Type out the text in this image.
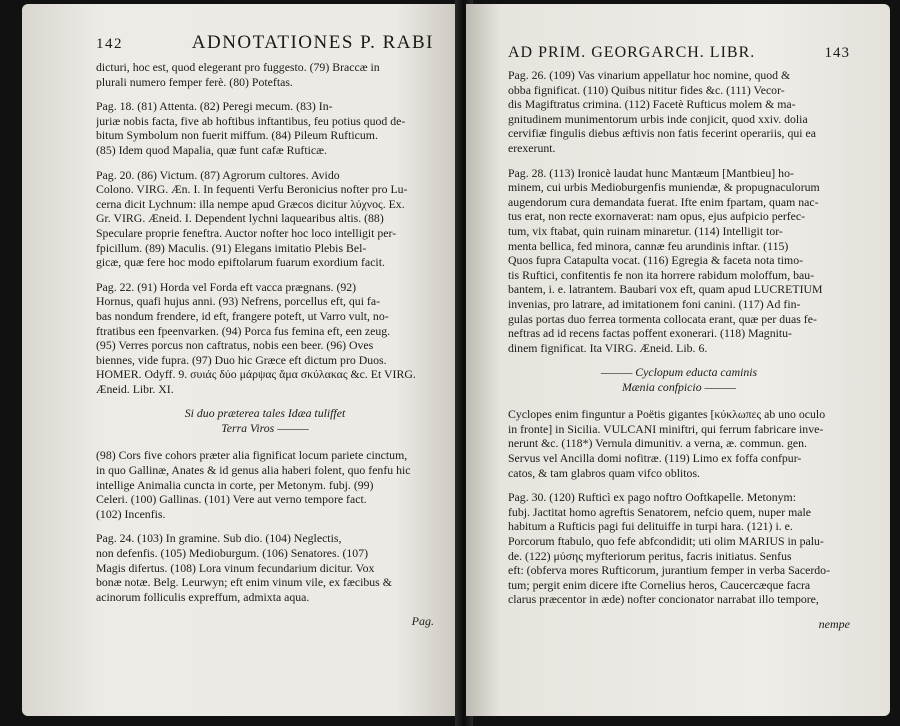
142	ADNOTATIONES P. RABI
dicturi, hoc est, quod elegerant pro fuggesto. (79) Braccæ in
plurali numero femper ferè. (80) Poteftas.
Pag. 18. (81) Attenta. (82) Peregi mecum. (83) In-
juriæ nobis facta, five ab hoftibus inftantibus, feu potius quod de-
bitum Symbolum non fuerit miffum. (84) Pileum Rufticum.
(85) Idem quod Mapalia, quæ funt cafæ Rufticæ.
Pag. 20. (86) Victum. (87) Agrorum cultores. Avido
Colono. VIRG. Æn. I. In fequenti Verfu Beronicius nofter pro Lu-
cerna dicit Lychnum: illa nempe apud Græcos dicitur λύχνος. Ex.
Gr. VIRG. Æneid. I. Dependent lychni laquearibus altis. (88)
Speculare proprie feneftra. Auctor nofter hoc loco intelligit per-
fpicillum. (89) Maculis. (91) Elegans imitatio Plebis Bel-
gicæ, quæ fere hoc modo epiftolarum fuarum exordium facit.
Pag. 22. (91) Horda vel Forda eft vacca prægnans. (92)
Hornus, quafi hujus anni. (93) Nefrens, porcellus eft, qui fa-
bas nondum frendere, id eft, frangere poteft, ut Varro vult, no-
ftratibus een fpeenvarken. (94) Porca fus femina eft, een zeug.
(95) Verres porcus non caftratus, nobis een beer. (96) Oves
biennes, vide fupra. (97) Duo hic Græce eft dictum pro Duos.
HOMER. Odyff. 9. συιάς δύο μάρψας ἅμα σκύλακας &c. Et VIRG.
Æneid. Libr. XI.
Si duo præterea tales Idæa tuliffet
Terra Viros ———
(98) Cors five cohors præter alia fignificat locum pariete cinctum,
in quo Gallinæ, Anates & id genus alia haberi folent, quo fenfu hic
intellige Animalia cuncta in corte, per Metonym. fubj. (99)
Celeri. (100) Gallinas. (101) Vere aut verno tempore fact.
(102) Incenfis.
Pag. 24. (103) In gramine. Sub dio. (104) Neglectis,
non defenfis. (105) Medioburgum. (106) Senatores. (107)
Magis difertus. (108) Lora vinum fecundarium dicitur. Vox
bonæ notæ. Belg. Leurwyn; eft enim vinum vile, ex fæcibus &
acinorum folliculis expreffum, admixta aqua.
Pag.
AD PRIM. GEORGARCH. LIBR.	143
Pag. 26. (109) Vas vinarium appellatur hoc nomine, quod &
obba fignificat. (110) Quibus nititur fides &c. (111) Vecor-
dis Magiftratus crimina. (112) Facetè Rufticus molem & ma-
gnitudinem munimentorum urbis inde conjicit, quod xxiv. dolia
cervifiæ fingulis diebus æftivis non fatis fecerint operariis, qui ea
erexerunt.
Pag. 28. (113) Ironicè laudat hunc Mantæum [Mantbieu] ho-
minem, cui urbis Medioburgenfis muniendæ, & propugnaculorum
augendorum cura demandata fuerat. Ifte enim fpartam, quam nac-
tus erat, non recte exornaverat: nam opus, ejus aufpicio perfec-
tum, vix ftabat, quin ruinam minaretur. (114) Intelligit tor-
menta bellica, fed minora, cannæ feu arundinis inftar. (115)
Quos fupra Catapulta vocat. (116) Egregia & faceta nota timo-
tis Ruftici, confitentis fe non ita horrere rabidum moloffum, bau-
bantem, i. e. latrantem. Baubari vox eft, quam apud LUCRETIUM
invenias, pro latrare, ad imitationem foni canini. (117) Ad fin-
gulas portas duo ferrea tormenta collocata erant, quæ per duas fe-
neftras ad id recens factas poffent exonerari. (118) Magnitu-
dinem fignificat. Ita VIRG. Æneid. Lib. 6.
——— Cyclopum educta caminis
Mænia confpicio ———
Cyclopes enim finguntur a Poëtis gigantes [κύκλωπες ab uno oculo
in fronte] in Sicilia. VULCANI miniftri, qui ferrum fabricare inve-
nerunt &c. (118*) Vernula dimunitiv. a verna, æ. commun. gen.
Servus vel Ancilla domi nofitræ. (119) Limo ex foffa confpur-
catos, & tam glabros quam vifco oblitos.
Pag. 30. (120) Rufticì ex pago noftro Ooftkapelle. Metonym:
fubj. Jactitat homo agreftis Senatorem, nefcio quem, nuper male
habitum a Rufticis pagi fui delituiffe in turpi hara. (121) i. e.
Porcorum ftabulo, quo fefe abfcondidit; uti olim MARIUS in palu-
de. (122) μύσης myfteriorum peritus, facris initiatus. Senfus
eft: (obferva mores Rufticorum, jurantium femper in verba Sacerdo-
tum; pergit enim dicere ifte Cornelius heros, Caucercæque facra
clarus præcentor in æde) nofter concionator narrabat illo tempore,
nempe
